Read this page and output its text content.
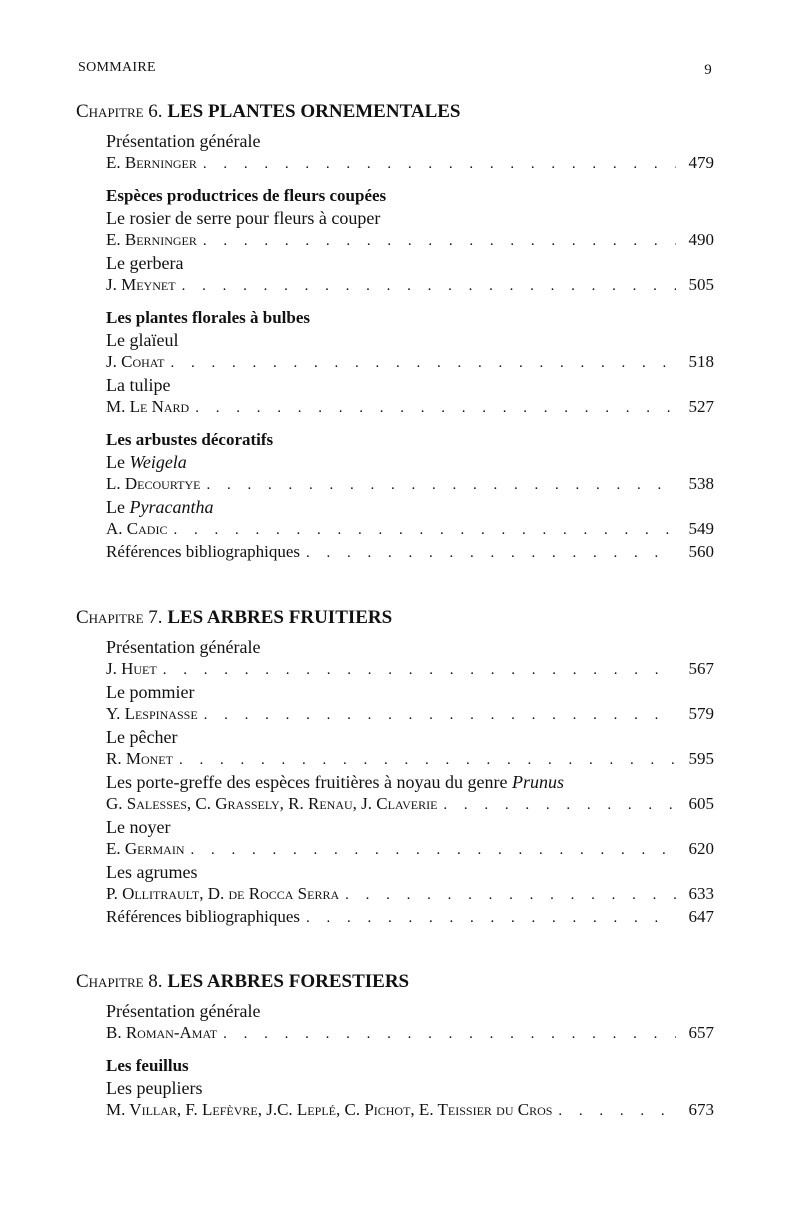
SOMMAIRE	9
Chapitre 6. LES PLANTES ORNEMENTALES
Présentation générale
E. Berninger . . .	479
Espèces productrices de fleurs coupées
Le rosier de serre pour fleurs à couper
E. Berninger . . .	490
Le gerbera
J. Meynet . . .	505
Les plantes florales à bulbes
Le glaïeul
J. Cohat . . .	518
La tulipe
M. Le Nard . . .	527
Les arbustes décoratifs
Le Weigela
L. Decourtye . . .	538
Le Pyracantha
A. Cadic . . .	549
Références bibliographiques . . .	560
Chapitre 7. LES ARBRES FRUITIERS
Présentation générale
J. Huet . . .	567
Le pommier
Y. Lespinasse . . .	579
Le pêcher
R. Monet . . .	595
Les porte-greffe des espèces fruitières à noyau du genre Prunus
G. Salesses, C. Grassely, R. Renau, J. Claverie . . .	605
Le noyer
E. Germain . . .	620
Les agrumes
P. Ollitrault, D. de Rocca Serra . . .	633
Références bibliographiques . . .	647
Chapitre 8. LES ARBRES FORESTIERS
Présentation générale
B. Roman-Amat . . .	657
Les feuillus
Les peupliers
M. Villar, F. Lefèvre, J.C. Leplé, C. Pichot, E. Teissier du Cros . . .	673
